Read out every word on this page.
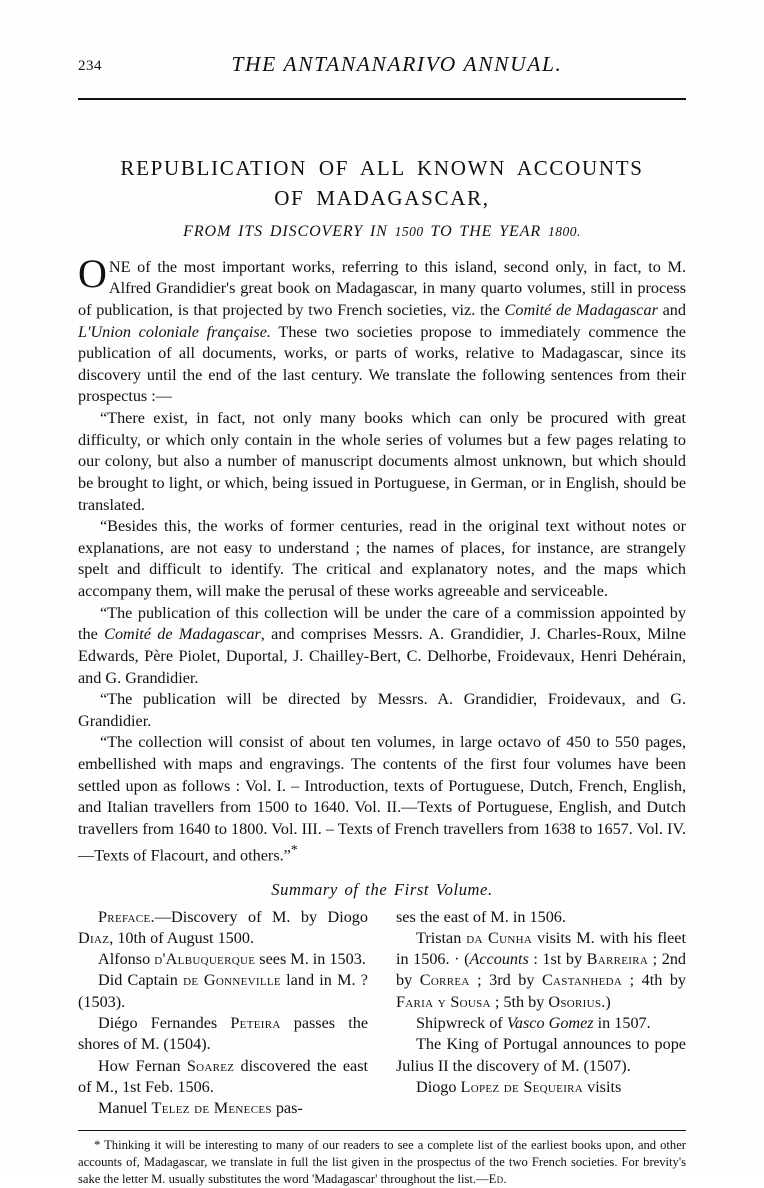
234	THE ANTANANARIVO ANNUAL.
REPUBLICATION OF ALL KNOWN ACCOUNTS
OF MADAGASCAR,
FROM ITS DISCOVERY IN 1500 TO THE YEAR 1800.

ONE of the most important works, referring to this island, second only, in fact, to M. Alfred Grandidier's great book on Madagascar, in many quarto volumes, still in process of publication, is that projected by two French societies, viz. the Comité de Madagascar and L'Union coloniale française. These two societies propose to immediately commence the publication of all documents, works, or parts of works, relative to Madagascar, since its discovery until the end of the last century. We translate the following sentences from their prospectus :—

“There exist, in fact, not only many books which can only be procured with great difficulty, or which only contain in the whole series of volumes but a few pages relating to our colony, but also a number of manuscript documents almost unknown, but which should be brought to light, or which, being issued in Portuguese, in German, or in English, should be translated.

“Besides this, the works of former centuries, read in the original text without notes or explanations, are not easy to understand ; the names of places, for instance, are strangely spelt and difficult to identify. The critical and explanatory notes, and the maps which accompany them, will make the perusal of these works agreeable and serviceable.

“The publication of this collection will be under the care of a commission appointed by the Comité de Madagascar, and comprises Messrs. A. Grandidier, J. Charles-Roux, Milne Edwards, Père Piolet, Duportal, J. Chailley-Bert, C. Delhorbe, Froidevaux, Henri Dehérain, and G. Grandidier.

“The publication will be directed by Messrs. A. Grandidier, Froidevaux, and G. Grandidier.

“The collection will consist of about ten volumes, in large octavo of 450 to 550 pages, embellished with maps and engravings. The contents of the first four volumes have been settled upon as follows : Vol. I. – Introduction, texts of Portuguese, Dutch, French, English, and Italian travellers from 1500 to 1640. Vol. II.—Texts of Portuguese, English, and Dutch travellers from 1640 to 1800. Vol. III. – Texts of French travellers from 1638 to 1657. Vol. IV.—Texts of Flacourt, and others.”*

Summary of the First Volume.

Preface.—Discovery of M. by Diogo Diaz, 10th of August 1500.

Alfonso d'Albuquerque sees M. in 1503.

Did Captain de Gonneville land in M. ? (1503).

Diégo Fernandes Peteira passes the shores of M. (1504).

How Fernan Soarez discovered the east of M., 1st Feb. 1506.

Manuel Telez de Meneces pas-

ses the east of M. in 1506.

Tristan da Cunha visits M. with his fleet in 1506. · (Accounts : 1st by Barreira ; 2nd by Correa ; 3rd by Castanheda ; 4th by Faria y Sousa ; 5th by Osorius.)

Shipwreck of Vasco Gomez in 1507.

The King of Portugal announces to pope Julius II the discovery of M. (1507).

Diogo Lopez de Sequeira visits

* Thinking it will be interesting to many of our readers to see a complete list of the earliest books upon, and other accounts of, Madagascar, we translate in full the list given in the prospectus of the two French societies. For brevity's sake the letter M. usually substitutes the word 'Madagascar' throughout the list.—Ed.
